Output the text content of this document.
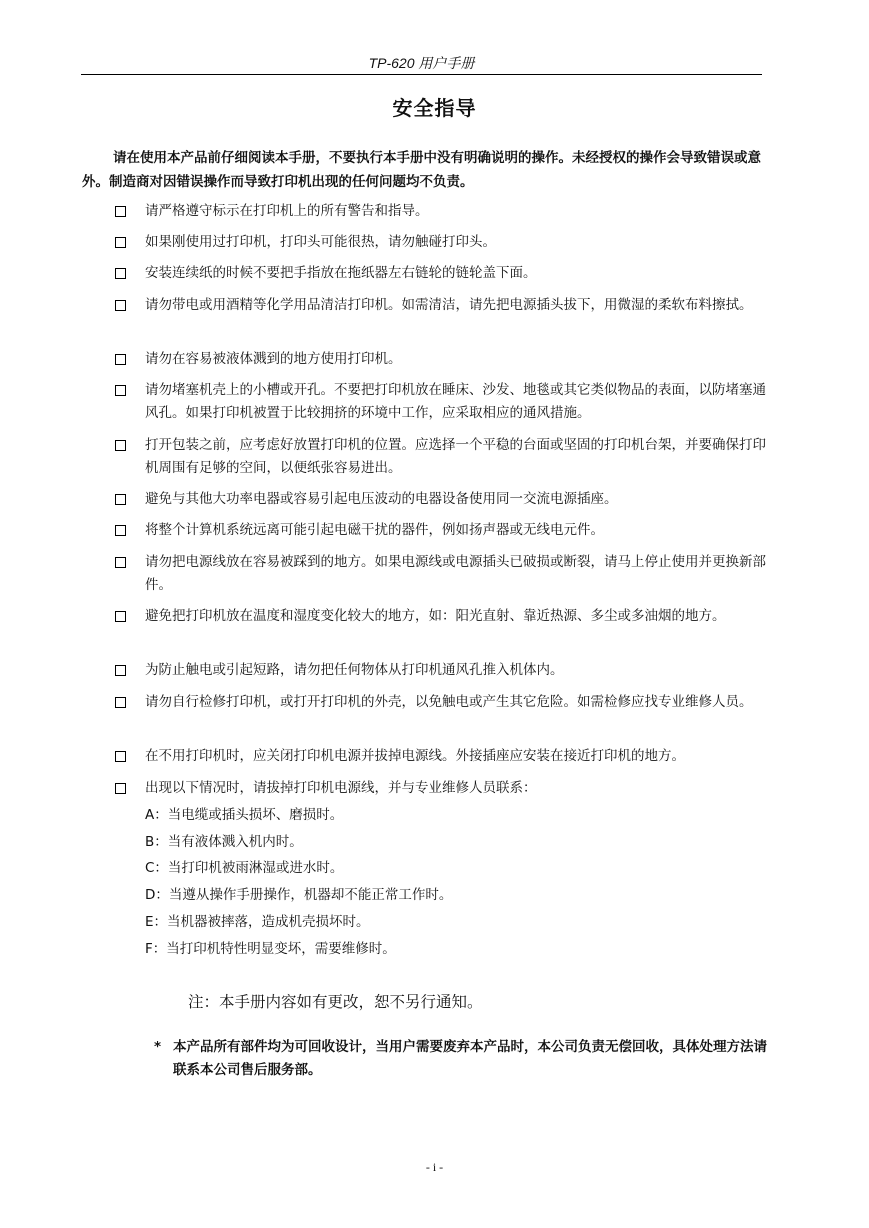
TP-620 用户手册
安全指导
请在使用本产品前仔细阅读本手册，不要执行本手册中没有明确说明的操作。未经授权的操作会导致错误或意外。制造商对因错误操作而导致打印机出现的任何问题均不负责。
请严格遵守标示在打印机上的所有警告和指导。
如果刚使用过打印机，打印头可能很热，请勿触碰打印头。
安装连续纸的时候不要把手指放在拖纸器左右链轮的链轮盖下面。
请勿带电或用酒精等化学用品清洁打印机。如需清洁，请先把电源插头拔下，用微湿的柔软布料擦拭。
请勿在容易被液体溅到的地方使用打印机。
请勿堵塞机壳上的小槽或开孔。不要把打印机放在睡床、沙发、地毯或其它类似物品的表面，以防堵塞通风孔。如果打印机被置于比较拥挤的环境中工作，应采取相应的通风措施。
打开包装之前，应考虑好放置打印机的位置。应选择一个平稳的台面或坚固的打印机台架，并要确保打印机周围有足够的空间，以便纸张容易进出。
避免与其他大功率电器或容易引起电压波动的电器设备使用同一交流电源插座。
将整个计算机系统远离可能引起电磁干扰的器件，例如扬声器或无线电元件。
请勿把电源线放在容易被踩到的地方。如果电源线或电源插头已破损或断裂，请马上停止使用并更换新部件。
避免把打印机放在温度和湿度变化较大的地方，如：阳光直射、靠近热源、多尘或多油烟的地方。
为防止触电或引起短路，请勿把任何物体从打印机通风孔推入机体内。
请勿自行检修打印机，或打开打印机的外壳，以免触电或产生其它危险。如需检修应找专业维修人员。
在不用打印机时，应关闭打印机电源并拔掉电源线。外接插座应安装在接近打印机的地方。
出现以下情况时，请拔掉打印机电源线，并与专业维修人员联系：
A：当电缆或插头损坏、磨损时。
B：当有液体溅入机内时。
C：当打印机被雨淋湿或进水时。
D：当遵从操作手册操作，机器却不能正常工作时。
E：当机器被摔落，造成机壳损坏时。
F：当打印机特性明显变坏，需要维修时。
注：本手册内容如有更改，恕不另行通知。
* 本产品所有部件均为可回收设计，当用户需要废弃本产品时，本公司负责无偿回收，具体处理方法请联系本公司售后服务部。
- i -
